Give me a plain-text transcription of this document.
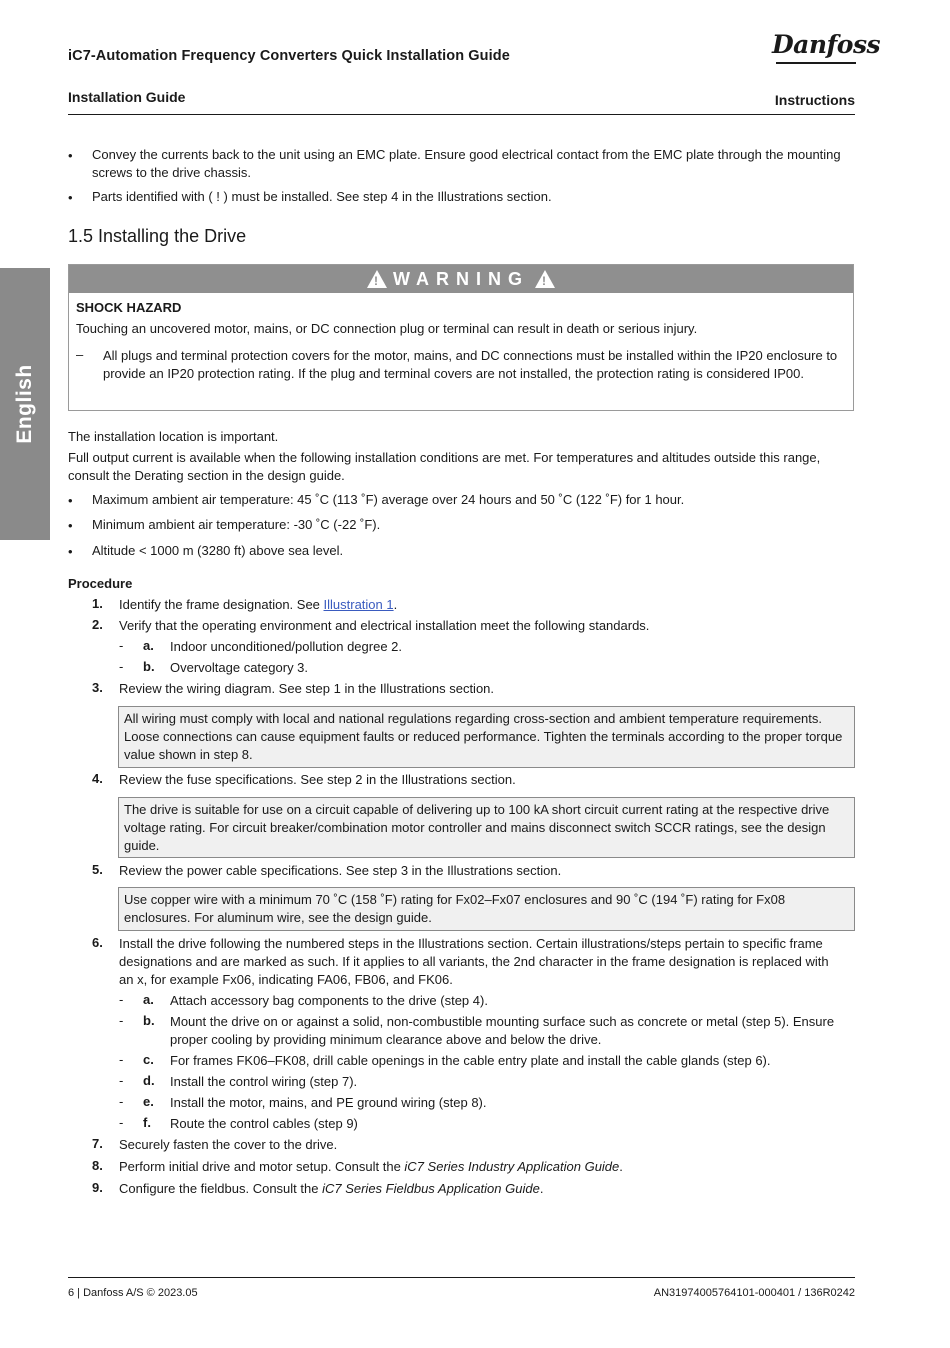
iC7-Automation Frequency Converters Quick Installation Guide	Danfoss
Installation Guide	Instructions
English
• Convey the currents back to the unit using an EMC plate. Ensure good electrical contact from the EMC plate through the mounting screws to the drive chassis.
• Parts identified with ( ! ) must be installed. See step 4 in the Illustrations section.
1.5 Installing the Drive
! WARNING !
SHOCK HAZARD
Touching an uncovered motor, mains, or DC connection plug or terminal can result in death or serious injury.
– All plugs and terminal protection covers for the motor, mains, and DC connections must be installed within the IP20 enclosure to provide an IP20 protection rating. If the plug and terminal covers are not installed, the protection rating is considered IP00.
The installation location is important.
Full output current is available when the following installation conditions are met. For temperatures and altitudes outside this range, consult the Derating section in the design guide.
• Maximum ambient air temperature: 45 ˚C (113 ˚F) average over 24 hours and 50 ˚C (122 ˚F) for 1 hour.
• Minimum ambient air temperature: -30 ˚C (-22 ˚F).
• Altitude < 1000 m (3280 ft) above sea level.
Procedure
1. Identify the frame designation. See Illustration 1.
2. Verify that the operating environment and electrical installation meet the following standards.
- a. Indoor unconditioned/pollution degree 2.
- b. Overvoltage category 3.
3. Review the wiring diagram. See step 1 in the Illustrations section.
All wiring must comply with local and national regulations regarding cross-section and ambient temperature requirements. Loose connections can cause equipment faults or reduced performance. Tighten the terminals according to the proper torque value shown in step 8.
4. Review the fuse specifications. See step 2 in the Illustrations section.
The drive is suitable for use on a circuit capable of delivering up to 100 kA short circuit current rating at the respective drive voltage rating. For circuit breaker/combination motor controller and mains disconnect switch SCCR ratings, see the design guide.
5. Review the power cable specifications. See step 3 in the Illustrations section.
Use copper wire with a minimum 70 ˚C (158 ˚F) rating for Fx02–Fx07 enclosures and 90 ˚C (194 ˚F) rating for Fx08 enclosures. For aluminum wire, see the design guide.
6. Install the drive following the numbered steps in the Illustrations section. Certain illustrations/steps pertain to specific frame designations and are marked as such. If it applies to all variants, the 2nd character in the frame designation is replaced with an x, for example Fx06, indicating FA06, FB06, and FK06.
- a. Attach accessory bag components to the drive (step 4).
- b. Mount the drive on or against a solid, non-combustible mounting surface such as concrete or metal (step 5). Ensure proper cooling by providing minimum clearance above and below the drive.
- c. For frames FK06–FK08, drill cable openings in the cable entry plate and install the cable glands (step 6).
- d. Install the control wiring (step 7).
- e. Install the motor, mains, and PE ground wiring (step 8).
- f. Route the control cables (step 9)
7. Securely fasten the cover to the drive.
8. Perform initial drive and motor setup. Consult the iC7 Series Industry Application Guide.
9. Configure the fieldbus. Consult the iC7 Series Fieldbus Application Guide.
6 | Danfoss A/S © 2023.05	AN31974005764101-000401 / 136R0242
